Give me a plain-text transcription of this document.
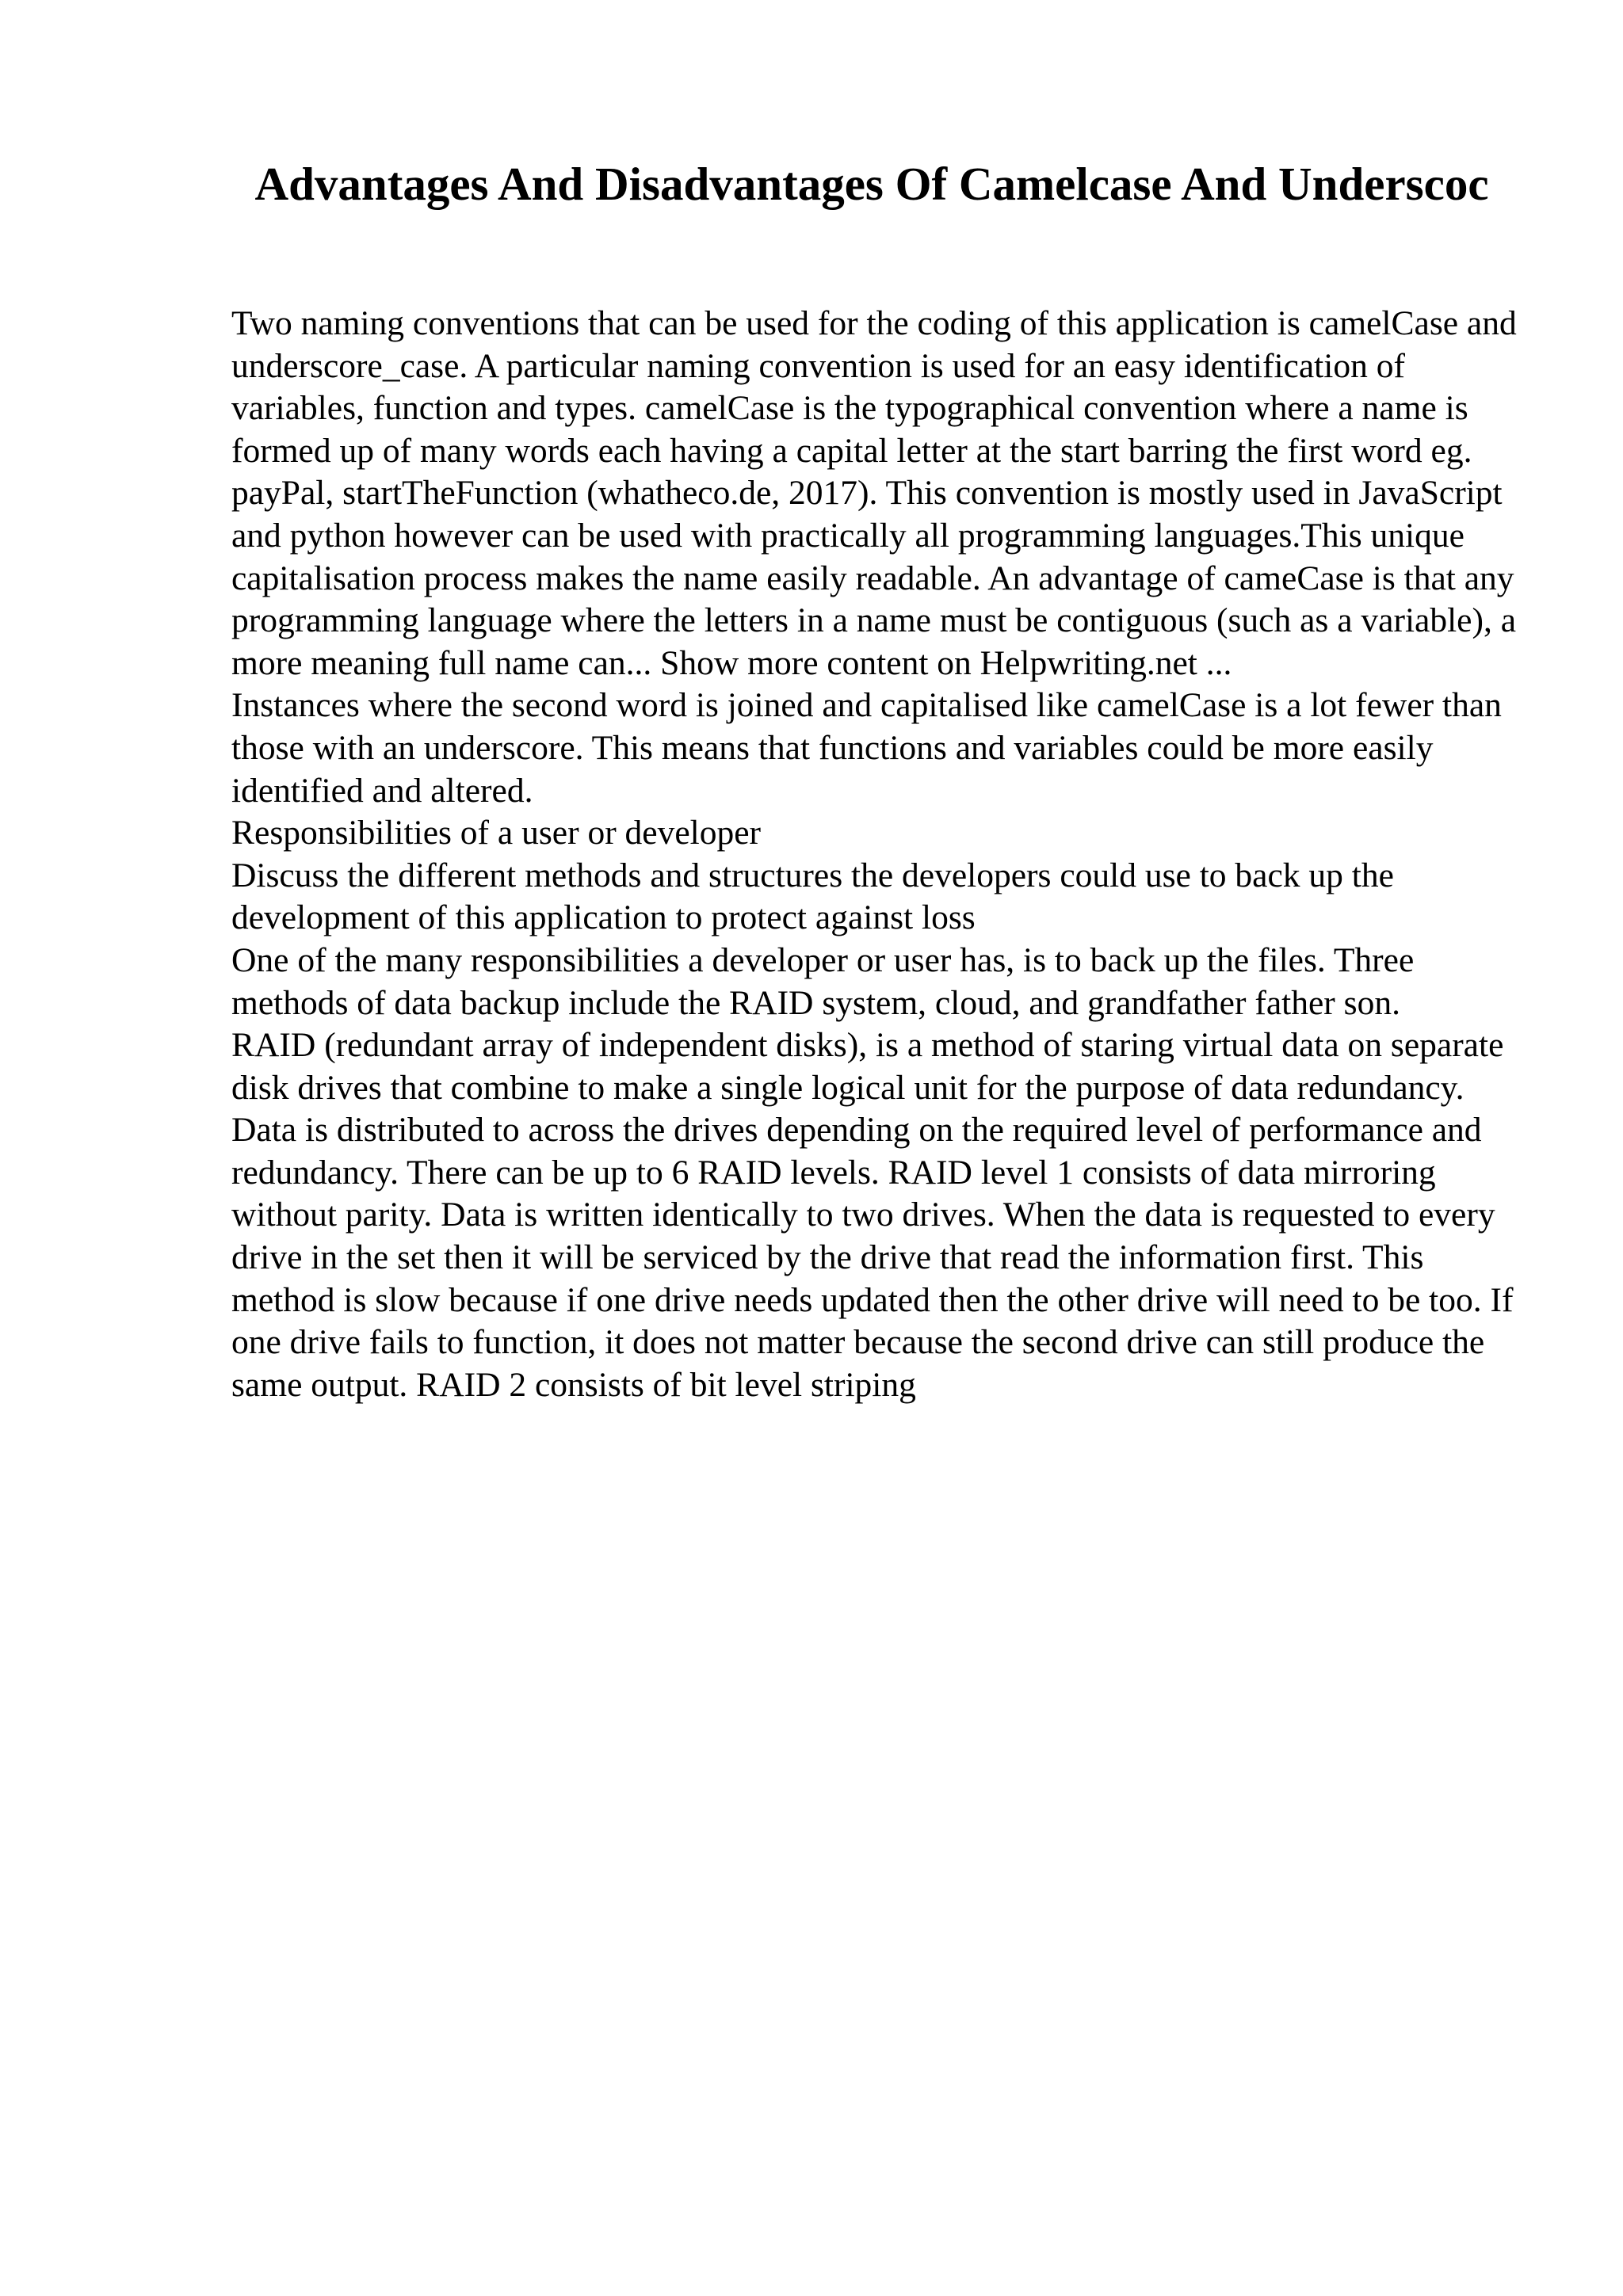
Advantages And Disadvantages Of Camelcase And Underscoc

Two naming conventions that can be used for the coding of this application is camelCase and underscore_case. A particular naming convention is used for an easy identification of variables, function and types. camelCase is the typographical convention where a name is formed up of many words each having a capital letter at the start barring the first word eg. payPal, startTheFunction (whatheco.de, 2017). This convention is mostly used in JavaScript and python however can be used with practically all programming languages.This unique capitalisation process makes the name easily readable. An advantage of cameCase is that any programming language where the letters in a name must be contiguous (such as a variable), a more meaning full name can... Show more content on Helpwriting.net ...

Instances where the second word is joined and capitalised like camelCase is a lot fewer than those with an underscore. This means that functions and variables could be more easily identified and altered.

Responsibilities of a user or developer

Discuss the different methods and structures the developers could use to back up the development of this application to protect against loss

One of the many responsibilities a developer or user has, is to back up the files. Three methods of data backup include the RAID system, cloud, and grandfather father son.

RAID (redundant array of independent disks), is a method of staring virtual data on separate disk drives that combine to make a single logical unit for the purpose of data redundancy. Data is distributed to across the drives depending on the required level of performance and redundancy. There can be up to 6 RAID levels. RAID level 1 consists of data mirroring without parity. Data is written identically to two drives. When the data is requested to every drive in the set then it will be serviced by the drive that read the information first. This method is slow because if one drive needs updated then the other drive will need to be too. If one drive fails to function, it does not matter because the second drive can still produce the same output. RAID 2 consists of bit level striping
